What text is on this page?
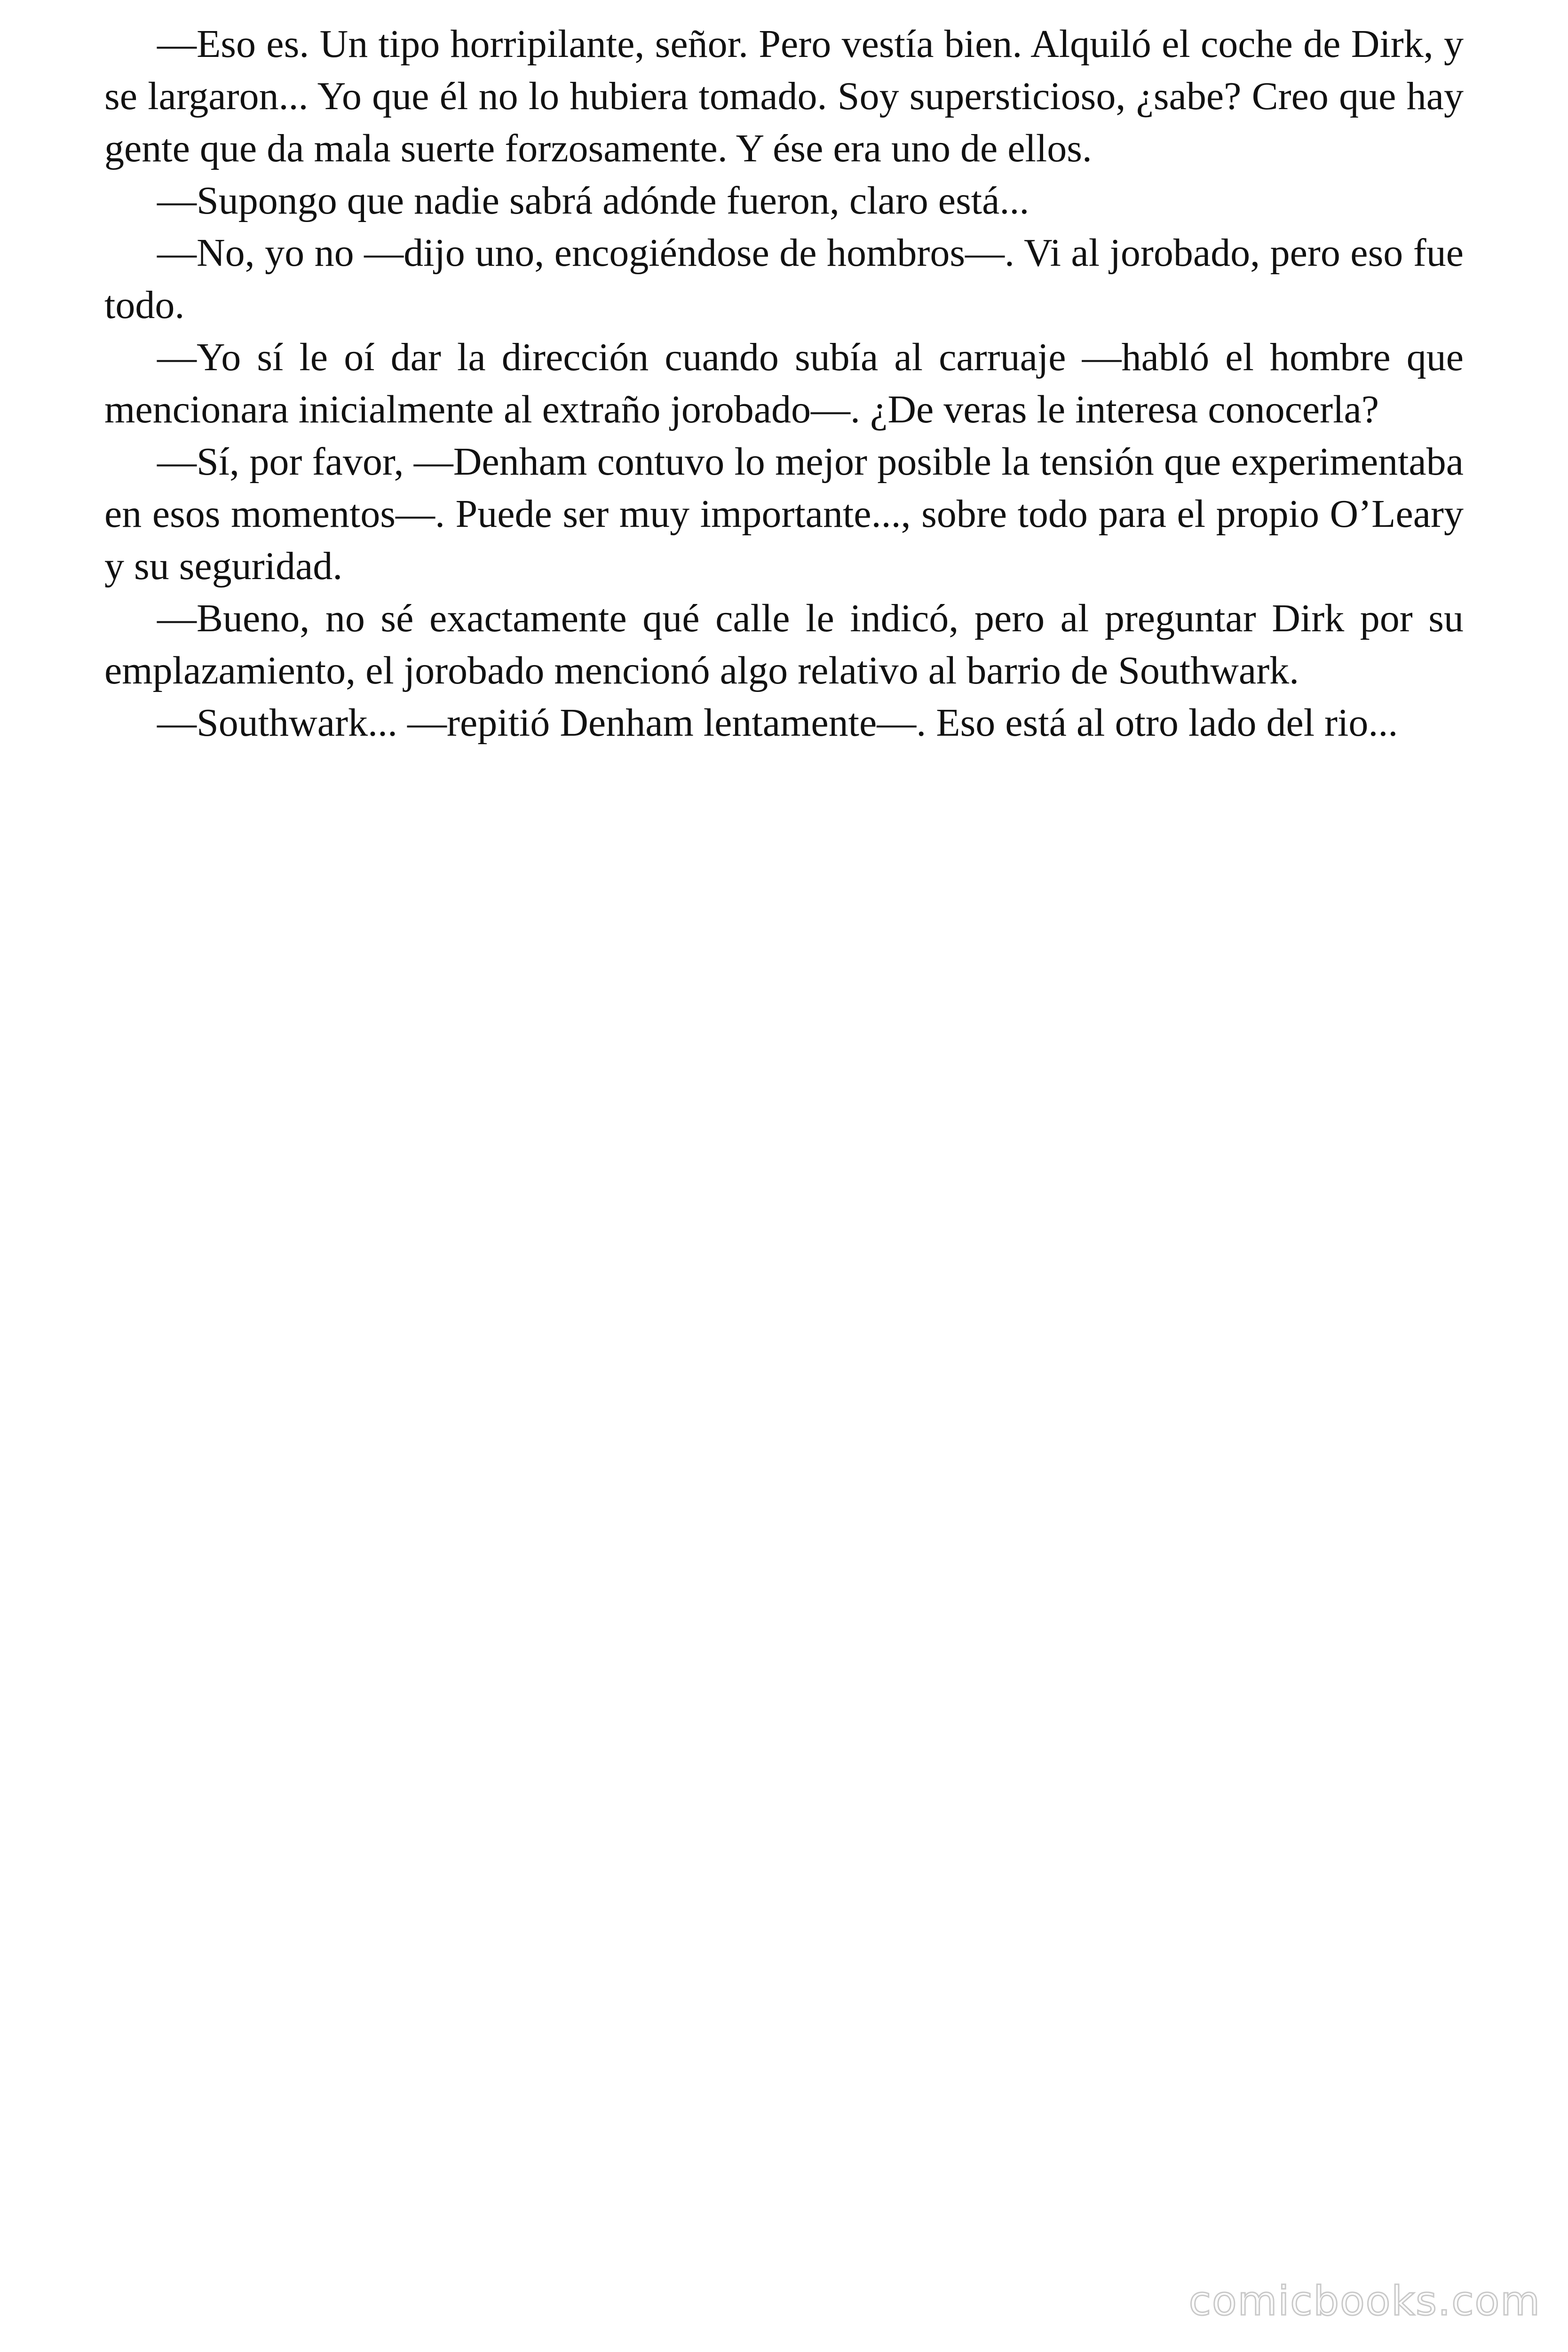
—Eso es. Un tipo horripilante, señor. Pero vestía bien. Alquiló el coche de Dirk, y se largaron... Yo que él no lo hubiera tomado. Soy supersticioso, ¿sabe? Creo que hay gente que da mala suerte forzosamente. Y ése era uno de ellos.

—Supongo que nadie sabrá adónde fueron, claro está...

—No, yo no —dijo uno, encogiéndose de hombros—. Vi al jorobado, pero eso fue todo.

—Yo sí le oí dar la dirección cuando subía al carruaje —habló el hombre que mencionara inicialmente al extraño jorobado—. ¿De veras le interesa conocerla?

—Sí, por favor, —Denham contuvo lo mejor posible la tensión que experimentaba en esos momentos—. Puede ser muy importante..., sobre todo para el propio O’Leary y su seguridad.

—Bueno, no sé exactamente qué calle le indicó, pero al preguntar Dirk por su emplazamiento, el jorobado mencionó algo relativo al barrio de Southwark.

—Southwark... —repitió Denham lentamente—. Eso está al otro lado del rio...

comicbooks.com
